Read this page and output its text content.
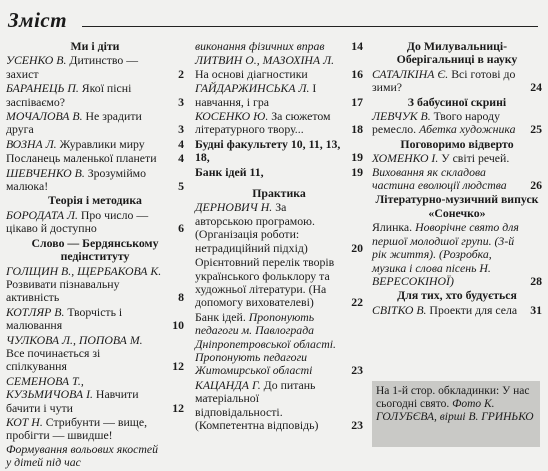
Зміст
Ми і діти
УСЕНКО В. Дитинство — захист	2
БАРАНЕЦЬ П. Якої пісні заспіваємо?	3
МОЧАЛОВА В. Не зрадити друга	3
ВОЗНА Л. Журавлики миру	4
Посланець маленької планети 4
ШЕВЧЕНКО В. Зрозуміймо малюка!	5
Теорія і методика
БОРОДАТА Л. Про число — цікаво й доступно	6
Слово — Бердянському педінституту
ГОЛЩИН В., ЩЕРБАКОВА К. Розвивати пізнавальну активність	8
КОТЛЯР В. Творчість і малювання	10
ЧУЛКОВА Л., ПОПОВА М. Все починається зі спілкування	12
СЕМЕНОВА Т., КУЗЬМИЧОВА І. Навчити бачити і чути	12
КОТ Н. Стрибунти — вище, пробігти — швидше! Формування вольових якостей у дітей під час
виконання фізичних вправ 14
ЛИТВИН О., МАЗОХІНА Л. На основі діагностики	16
ГАЙДАРЖИНСЬКА Л. І навчання, і гра	17
КОСЕНКО Ю. За сюжетом літературного твору...	18
Будні факультету 10, 11, 13, 18,	19
Банк ідей 11,	19
Практика
ДЕРНОВИЧ Н. За авторською програмою. (Організація роботи: нетрадиційний підхід)	20
Орієнтовний перелік творів українського фольклору та художньої літератури. (На допомогу вихователеві)	22
Банк ідей. Пропонують педагоги м. Павлограда Дніпропетровської області. Пропонують педагоги Житомирської області	23
КАЦАНДА Г. До питань матеріальної відповідальності. (Компетентна відповідь)	23
До Милувальниці-Оберігальниці в науку
САТАЛКІНА Є. Всі готові до зими?	24
З бабусиної скрині
ЛЕВЧУК В. Твого народу ремесло. Абетка художника 25
Поговоримо відверто
ХОМЕНКО І. У світі речей. Виховання як складова частина еволюції людства 26
Літературно-музичний випуск «Сонечко»
Ялинка. Новорічне свято для першої молодшої групи. (3-й рік життя). (Розробка, музика і слова пісень Н. ВЕРЕСОКІНОЇ)	28
Для тих, хто будується
СВІТКО В. Проекти для села 31
На 1-й стор. обкладинки: У нас сьогодні свято. Фото К. ГОЛУБЄВА, вірші В. ГРИНЬКО
